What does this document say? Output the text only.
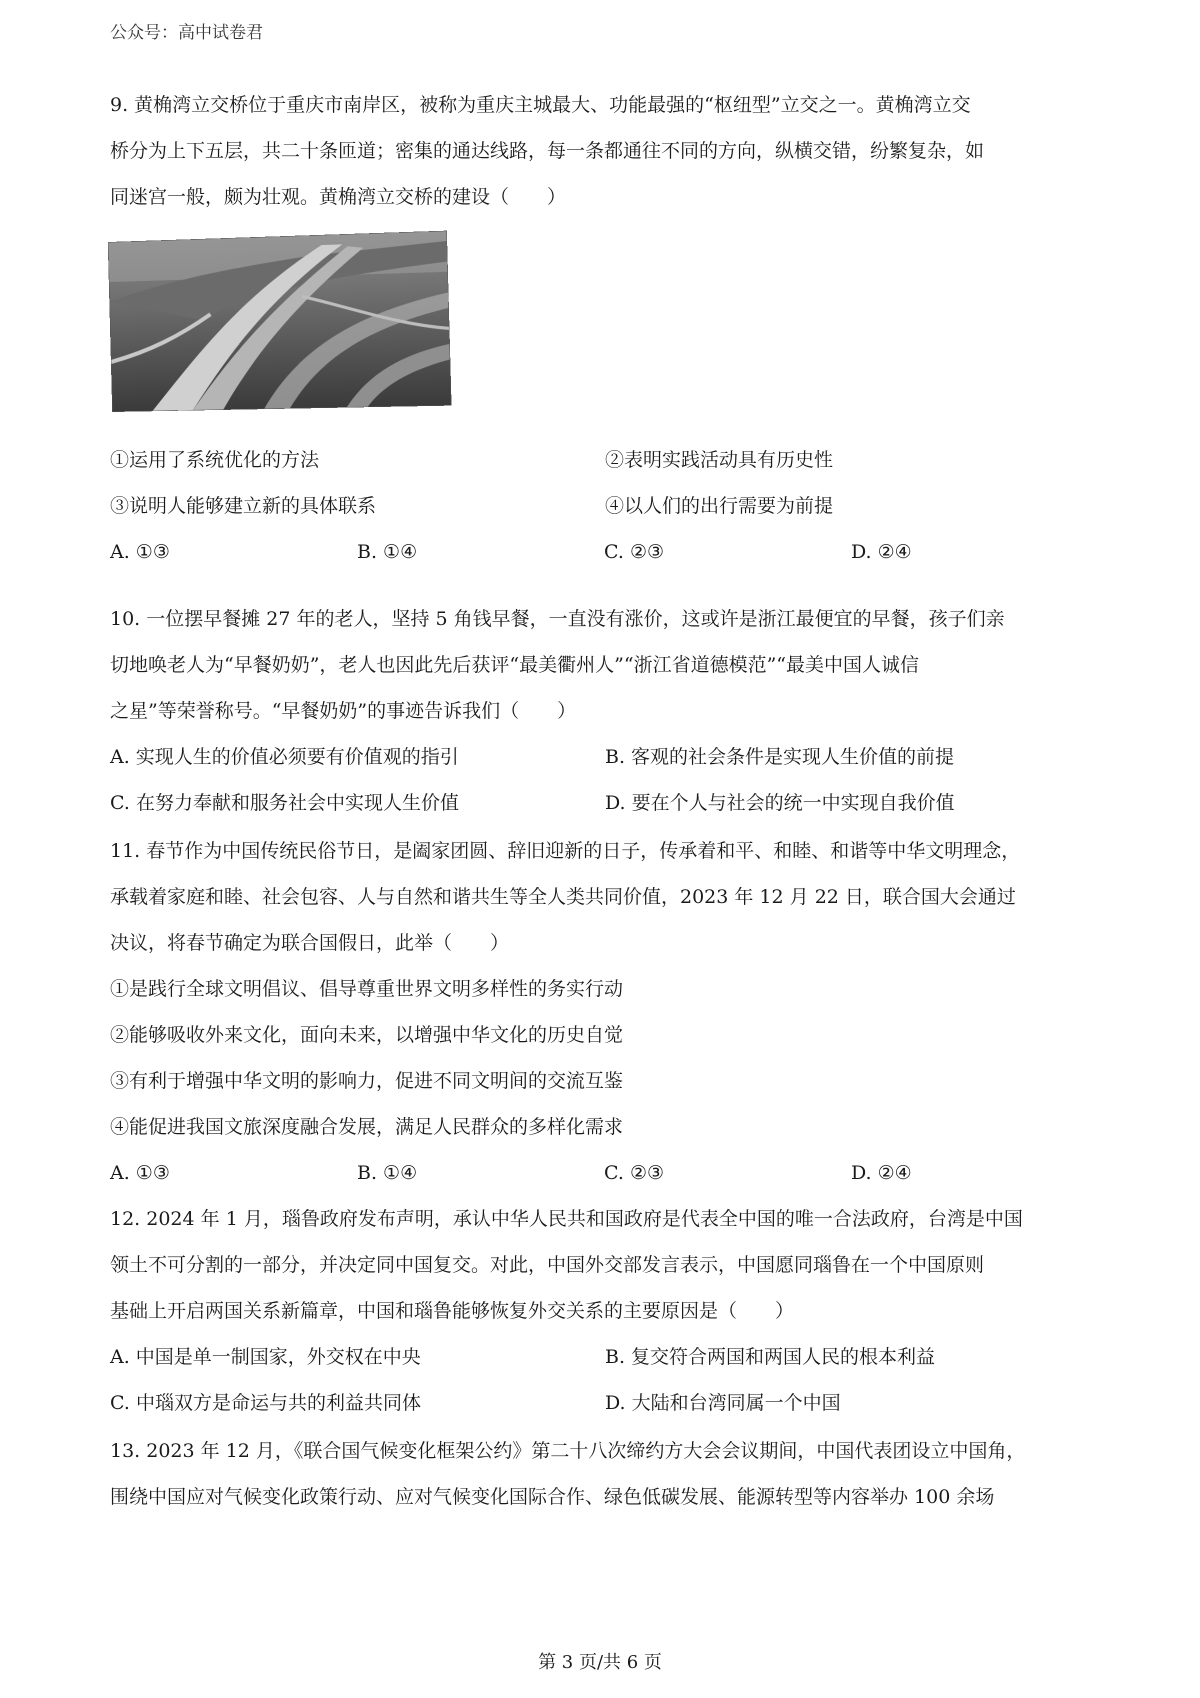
公众号：高中试卷君
9. 黄桷湾立交桥位于重庆市南岸区，被称为重庆主城最大、功能最强的“枢纽型”立交之一。黄桷湾立交
桥分为上下五层，共二十条匝道；密集的通达线路，每一条都通往不同的方向，纵横交错，纷繁复杂，如
同迷宫一般，颇为壮观。黄桷湾立交桥的建设（　　）
①运用了系统优化的方法	②表明实践活动具有历史性
③说明人能够建立新的具体联系	④以人们的出行需要为前提
A. ①③	B. ①④	C. ②③	D. ②④
10. 一位摆早餐摊 27 年的老人，坚持 5 角钱早餐，一直没有涨价，这或许是浙江最便宜的早餐，孩子们亲
切地唤老人为“早餐奶奶”，老人也因此先后获评“最美衢州人”“浙江省道德模范”“最美中国人诚信
之星”等荣誉称号。“早餐奶奶”的事迹告诉我们（　　）
A. 实现人生的价值必须要有价值观的指引	B. 客观的社会条件是实现人生价值的前提
C. 在努力奉献和服务社会中实现人生价值	D. 要在个人与社会的统一中实现自我价值
11. 春节作为中国传统民俗节日，是阖家团圆、辞旧迎新的日子，传承着和平、和睦、和谐等中华文明理念，
承载着家庭和睦、社会包容、人与自然和谐共生等全人类共同价值，2023 年 12 月 22 日，联合国大会通过
决议，将春节确定为联合国假日，此举（　　）
①是践行全球文明倡议、倡导尊重世界文明多样性的务实行动
②能够吸收外来文化，面向未来，以增强中华文化的历史自觉
③有利于增强中华文明的影响力，促进不同文明间的交流互鉴
④能促进我国文旅深度融合发展，满足人民群众的多样化需求
A. ①③	B. ①④	C. ②③	D. ②④
12. 2024 年 1 月，瑙鲁政府发布声明，承认中华人民共和国政府是代表全中国的唯一合法政府，台湾是中国
领土不可分割的一部分，并决定同中国复交。对此，中国外交部发言表示，中国愿同瑙鲁在一个中国原则
基础上开启两国关系新篇章，中国和瑙鲁能够恢复外交关系的主要原因是（　　）
A. 中国是单一制国家，外交权在中央	B. 复交符合两国和两国人民的根本利益
C. 中瑙双方是命运与共的利益共同体	D. 大陆和台湾同属一个中国
13. 2023 年 12 月，《联合国气候变化框架公约》第二十八次缔约方大会会议期间，中国代表团设立中国角，
围绕中国应对气候变化政策行动、应对气候变化国际合作、绿色低碳发展、能源转型等内容举办 100 余场
第 3 页/共 6 页
